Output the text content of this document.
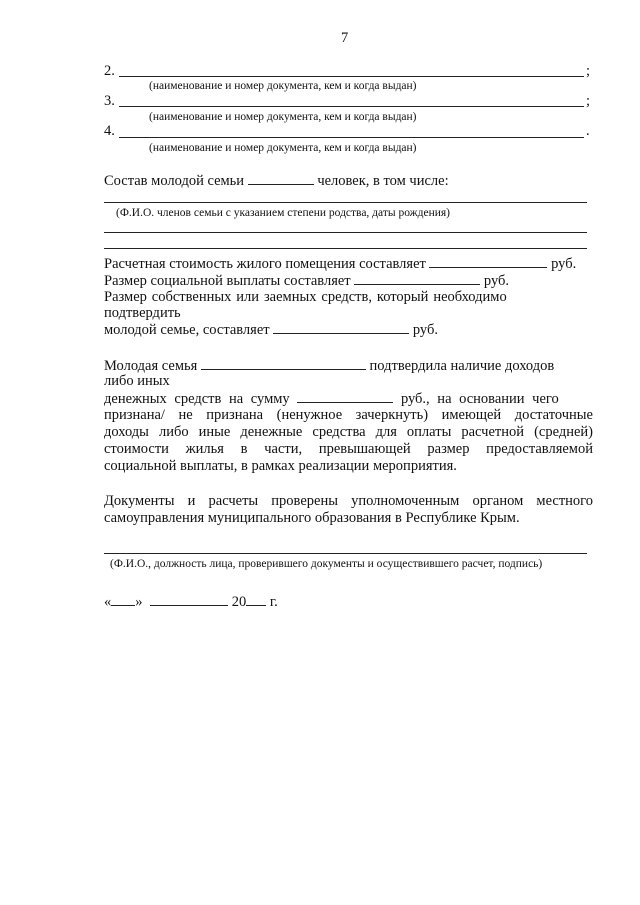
7
2.	;
(наименование и номер документа, кем и когда выдан)
3.	;
(наименование и номер документа, кем и когда выдан)
4.	.
(наименование и номер документа, кем и когда выдан)
Состав молодой семьи	человек, в том числе:
(Ф.И.О. членов семьи с указанием степени родства, даты рождения)
Расчетная стоимость жилого помещения составляет	руб.
Размер социальной выплаты составляет	руб.
Размер собственных или заемных средств, который необходимо
подтвердить
молодой семье, составляет	руб.
Молодая семья	подтвердила наличие доходов
либо иных
денежных средств на сумму	руб., на основании чего
признана/ не признана (ненужное зачеркнуть) имеющей достаточные
доходы либо иные денежные средства для оплаты расчетной (средней)
стоимости жилья в части, превышающей размер предоставляемой
социальной выплаты, в рамках реализации мероприятия.
Документы и расчеты проверены уполномоченным органом местного
самоуправления муниципального образования в Республике Крым.
(Ф.И.О., должность лица, проверившего документы и осуществившего расчет, подпись)
« »	20 г.
